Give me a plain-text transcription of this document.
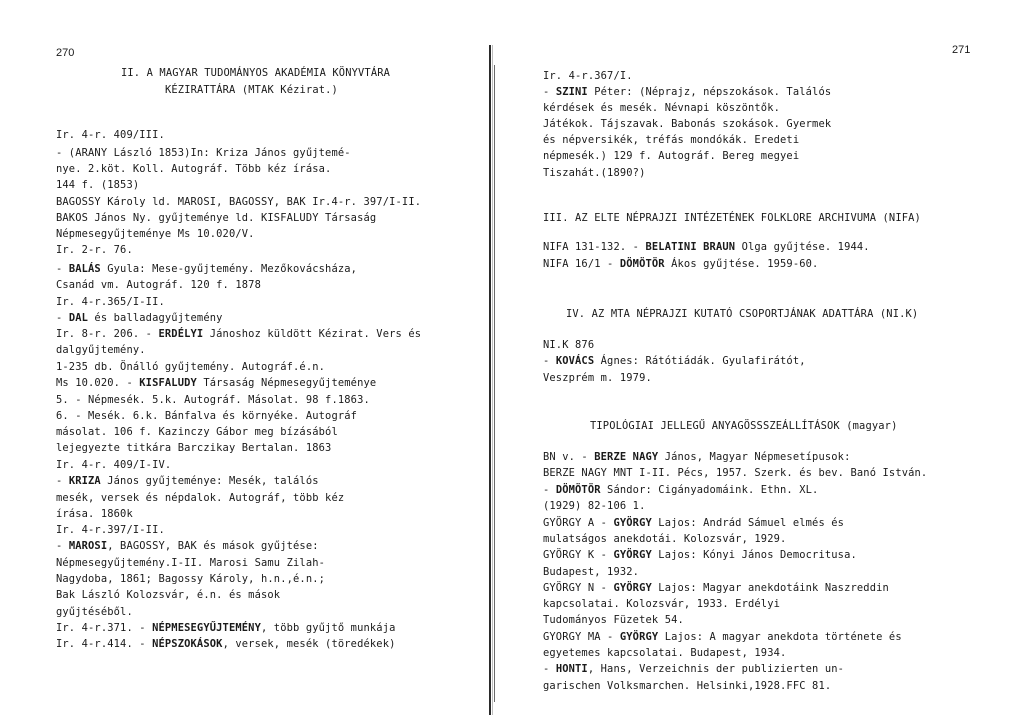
270
II. A MAGYAR TUDOMÁNYOS AKADÉMIA KÖNYVTÁRA
KÉZIRATTÁRA (MTAK Kézirat.)
Ir. 4-r. 409/III.
- (ARANY László 1853)In: Kriza János gyűjtemé-
nye. 2.köt. Koll. Autográf. Több kéz írása.
144 f. (1853)
BAGOSSY Károly ld. MAROSI, BAGOSSY, BAK Ir.4-r. 397/I-II.
BAKOS János Ny. gyűjteménye ld. KISFALUDY Társaság
Népmesegyűjteménye Ms 10.020/V.
Ir. 2-r. 76.
- BALÁS Gyula: Mese-gyűjtemény. Mezőkovácsháza,
Csanád vm. Autográf. 120 f. 1878
Ir. 4-r.365/I-II.
- DAL és balladagyűjtemény
Ir. 8-r. 206. - ERDÉLYI Jánoshoz küldött Kézirat. Vers és
dalgyűjtemény.
1-235 db. Önálló gyűjtemény. Autográf.é.n.
Ms 10.020. - KISFALUDY Társaság Népmesegyűjteménye
5. - Népmesék. 5.k. Autográf. Másolat. 98 f.1863.
6. - Mesék. 6.k. Bánfalva és környéke. Autográf
másolat. 106 f. Kazinczy Gábor meg bízásából
lejegyezte titkára Barczikay Bertalan. 1863
Ir. 4-r. 409/I-IV.
- KRIZA János gyűjteménye: Mesék, találós
mesék, versek és népdalok. Autográf, több kéz
írása. 1860k
Ir. 4-r.397/I-II.
- MAROSI, BAGOSSY, BAK és mások gyűjtése:
Népmesegyűjtemény.I-II. Marosi Samu Zilah-
Nagydoba, 1861; Bagossy Károly, h.n.,é.n.;
Bak László Kolozsvár, é.n. és mások
gyűjtéséből.
Ir. 4-r.371. - NÉPMESEGYŰJTEMÉNY, több gyűjtő munkája
Ir. 4-r.414. - NÉPSZOKÁSOK, versek, mesék (töredékek)
271
Ir. 4-r.367/I.
- SZINI Péter: (Néprajz, népszokások. Találós
kérdések és mesék. Névnapi köszöntők.
Játékok. Tájszavak. Babonás szokások. Gyermek
és népversikék, tréfás mondókák. Eredeti
népmesék.) 129 f. Autográf. Bereg megyei
Tiszahát.(1890?)
III. AZ ELTE NÉPRAJZI INTÉZETÉNEK FOLKLORE ARCHIVUMA (NIFA)
NIFA 131-132. - BELATINI BRAUN Olga gyűjtése. 1944.
NIFA 16/1 - DÖMÖTÖR Ákos gyűjtése. 1959-60.
IV. AZ MTA NÉPRAJZI KUTATÓ CSOPORTJÁNAK ADATTÁRA (NI.K)
NI.K 876
- KOVÁCS Ágnes: Rátótiádák. Gyulafirátót,
Veszprém m. 1979.
TIPOLÓGIAI JELLEGŰ ANYAGÖSSSZEÁLLÍTÁSOK (magyar)
BN v. - BERZE NAGY János, Magyar Népmesetípusok:
BERZE NAGY MNT I-II. Pécs, 1957. Szerk. és bev. Banó István.
- DÖMÖTÖR Sándor: Cigányadomáink. Ethn. XL.
(1929) 82-106 1.
GYÖRGY A - GYÖRGY Lajos: Andrád Sámuel elmés és
mulatságos anekdotái. Kolozsvár, 1929.
GYÖRGY K - GYÖRGY Lajos: Kónyi János Democritusa.
Budapest, 1932.
GYÖRGY N - GYÖRGY Lajos: Magyar anekdotáink Naszreddin
kapcsolatai. Kolozsvár, 1933. Erdélyi
Tudományos Füzetek 54.
GYORGY MA - GYÖRGY Lajos: A magyar anekdota története és
egyetemes kapcsolatai. Budapest, 1934.
- HONTI, Hans, Verzeichnis der publizierten un-
garischen Volksmarchen. Helsinki,1928.FFC 81.
